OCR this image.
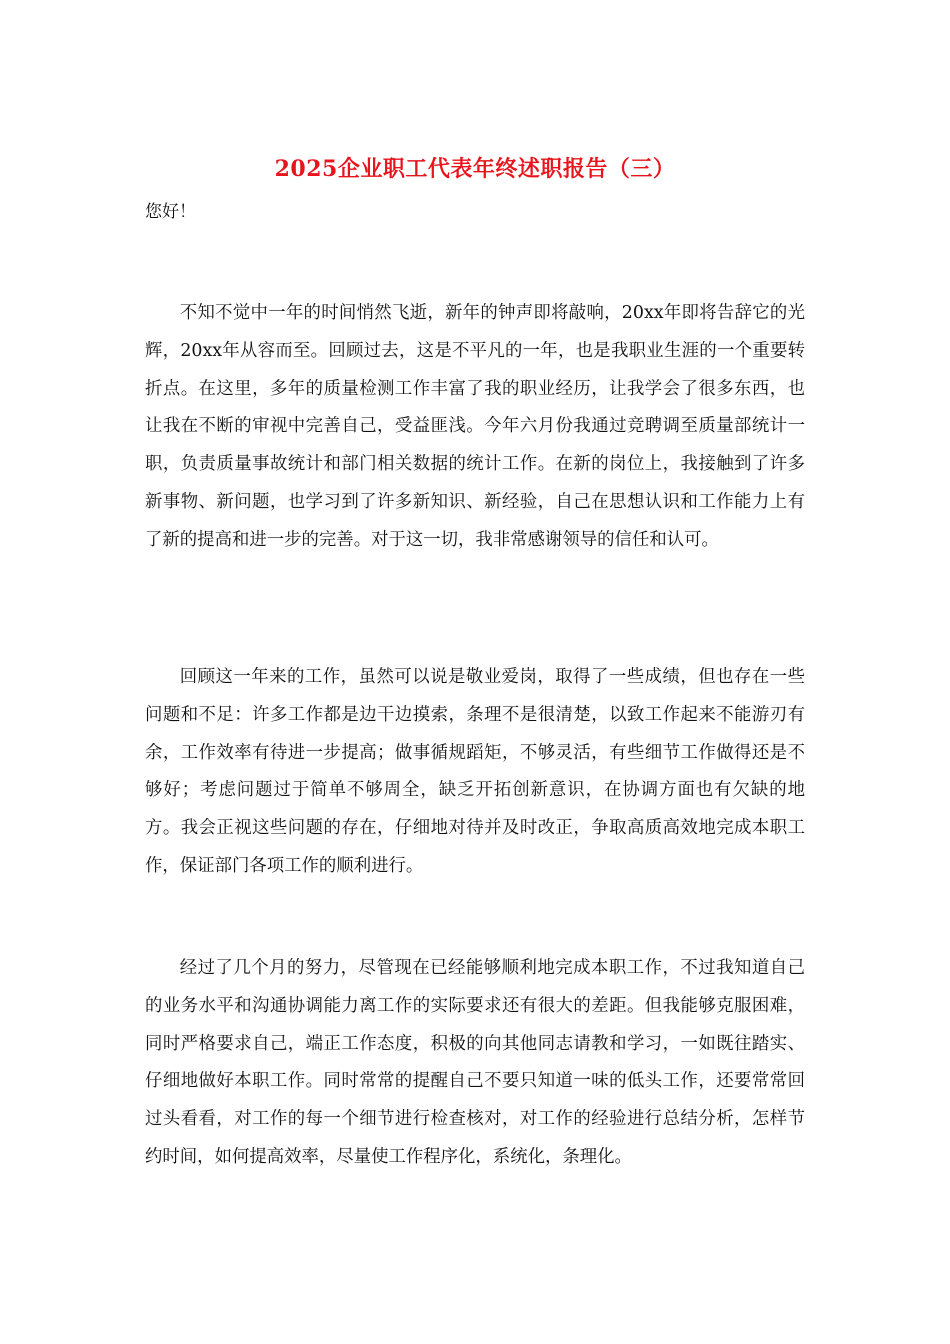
2025企业职工代表年终述职报告（三）
您好！

不知不觉中一年的时间悄然飞逝，新年的钟声即将敲响，20xx年即将告辞它的光辉，20xx年从容而至。回顾过去，这是不平凡的一年，也是我职业生涯的一个重要转折点。在这里，多年的质量检测工作丰富了我的职业经历，让我学会了很多东西，也让我在不断的审视中完善自己，受益匪浅。今年六月份我通过竞聘调至质量部统计一职，负责质量事故统计和部门相关数据的统计工作。在新的岗位上，我接触到了许多新事物、新问题，也学习到了许多新知识、新经验，自己在思想认识和工作能力上有了新的提高和进一步的完善。对于这一切，我非常感谢领导的信任和认可。

回顾这一年来的工作，虽然可以说是敬业爱岗，取得了一些成绩，但也存在一些问题和不足：许多工作都是边干边摸索，条理不是很清楚，以致工作起来不能游刃有余，工作效率有待进一步提高；做事循规蹈矩，不够灵活，有些细节工作做得还是不够好；考虑问题过于简单不够周全，缺乏开拓创新意识，在协调方面也有欠缺的地方。我会正视这些问题的存在，仔细地对待并及时改正，争取高质高效地完成本职工作，保证部门各项工作的顺利进行。

经过了几个月的努力，尽管现在已经能够顺利地完成本职工作，不过我知道自己的业务水平和沟通协调能力离工作的实际要求还有很大的差距。但我能够克服困难，同时严格要求自己，端正工作态度，积极的向其他同志请教和学习，一如既往踏实、仔细地做好本职工作。同时常常的提醒自己不要只知道一味的低头工作，还要常常回过头看看，对工作的每一个细节进行检查核对，对工作的经验进行总结分析，怎样节约时间，如何提高效率，尽量使工作程序化，系统化，条理化。
